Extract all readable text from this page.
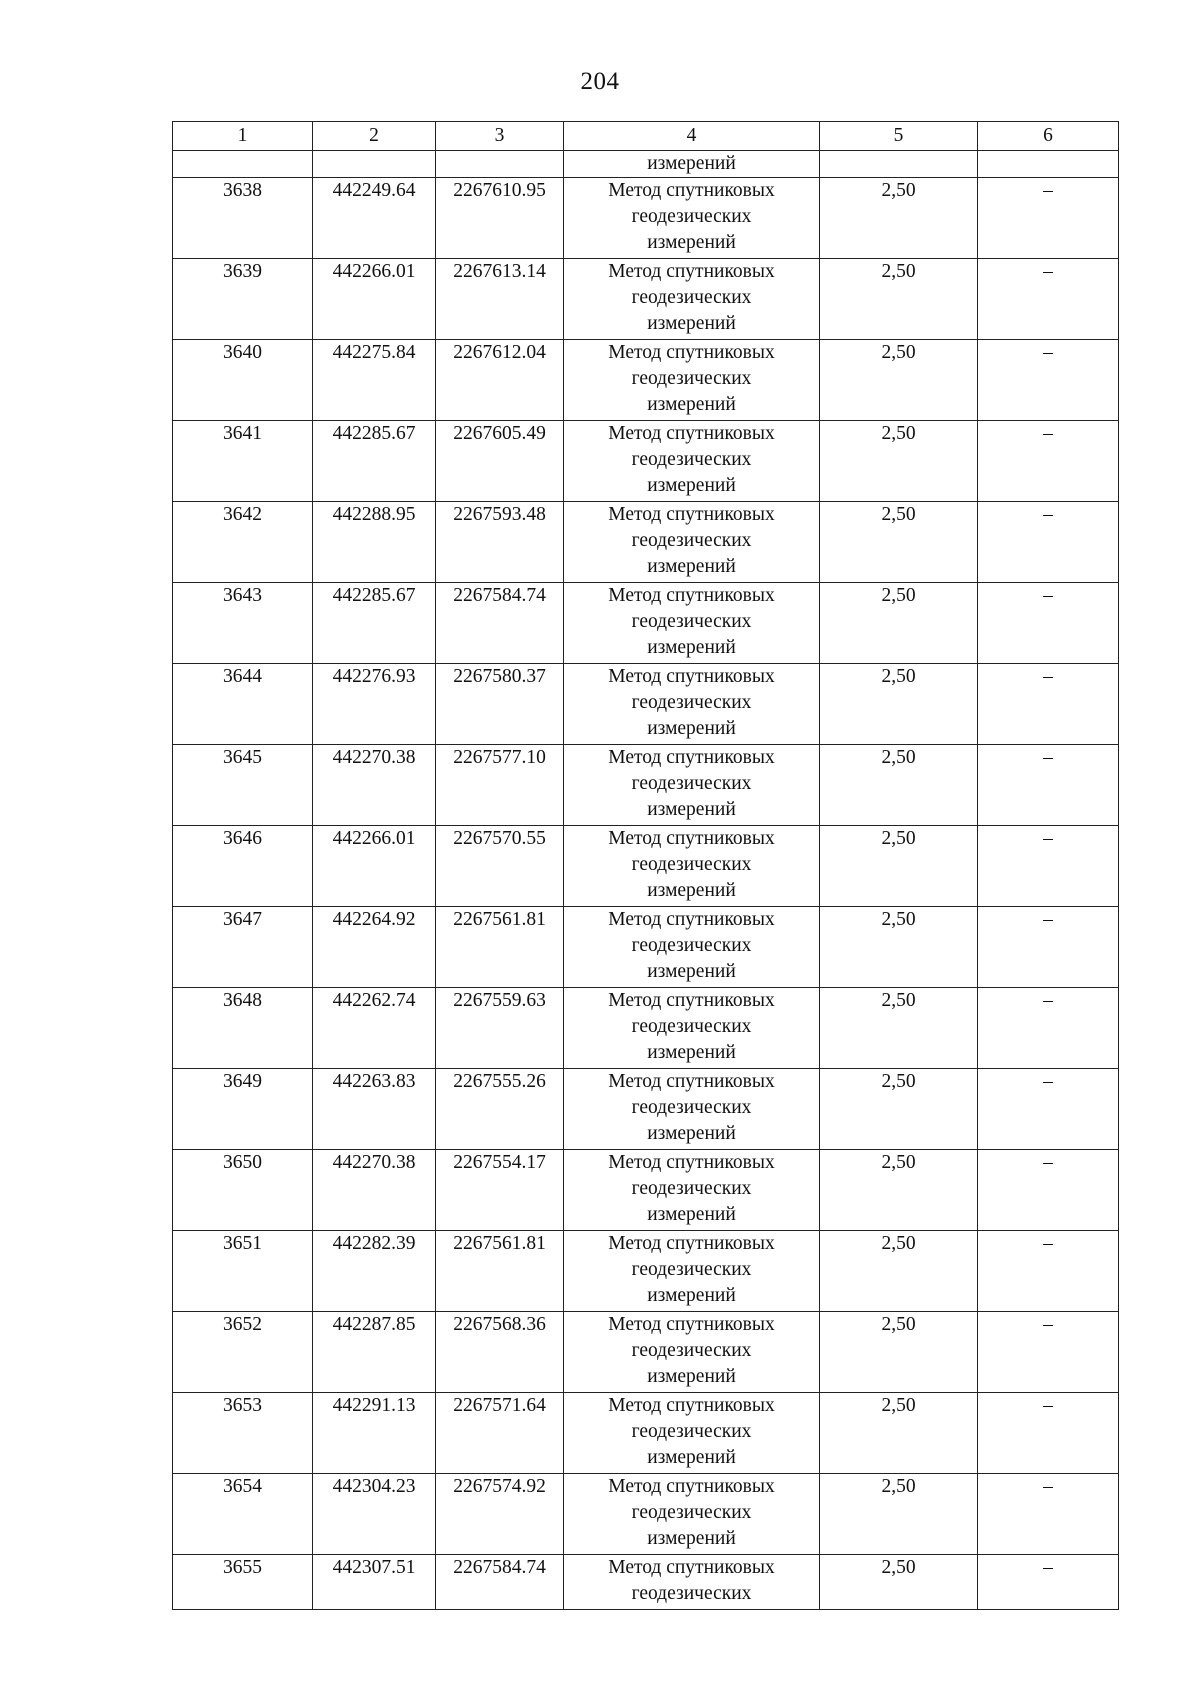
204
1	2	3	4	5	6
			измерений		
3638	442249.64	2267610.95	Метод спутниковых
геодезических
измерений	2,50	–
3639	442266.01	2267613.14	Метод спутниковых
геодезических
измерений	2,50	–
3640	442275.84	2267612.04	Метод спутниковых
геодезических
измерений	2,50	–
3641	442285.67	2267605.49	Метод спутниковых
геодезических
измерений	2,50	–
3642	442288.95	2267593.48	Метод спутниковых
геодезических
измерений	2,50	–
3643	442285.67	2267584.74	Метод спутниковых
геодезических
измерений	2,50	–
3644	442276.93	2267580.37	Метод спутниковых
геодезических
измерений	2,50	–
3645	442270.38	2267577.10	Метод спутниковых
геодезических
измерений	2,50	–
3646	442266.01	2267570.55	Метод спутниковых
геодезических
измерений	2,50	–
3647	442264.92	2267561.81	Метод спутниковых
геодезических
измерений	2,50	–
3648	442262.74	2267559.63	Метод спутниковых
геодезических
измерений	2,50	–
3649	442263.83	2267555.26	Метод спутниковых
геодезических
измерений	2,50	–
3650	442270.38	2267554.17	Метод спутниковых
геодезических
измерений	2,50	–
3651	442282.39	2267561.81	Метод спутниковых
геодезических
измерений	2,50	–
3652	442287.85	2267568.36	Метод спутниковых
геодезических
измерений	2,50	–
3653	442291.13	2267571.64	Метод спутниковых
геодезических
измерений	2,50	–
3654	442304.23	2267574.92	Метод спутниковых
геодезических
измерений	2,50	–
3655	442307.51	2267584.74	Метод спутниковых
геодезических	2,50	–
